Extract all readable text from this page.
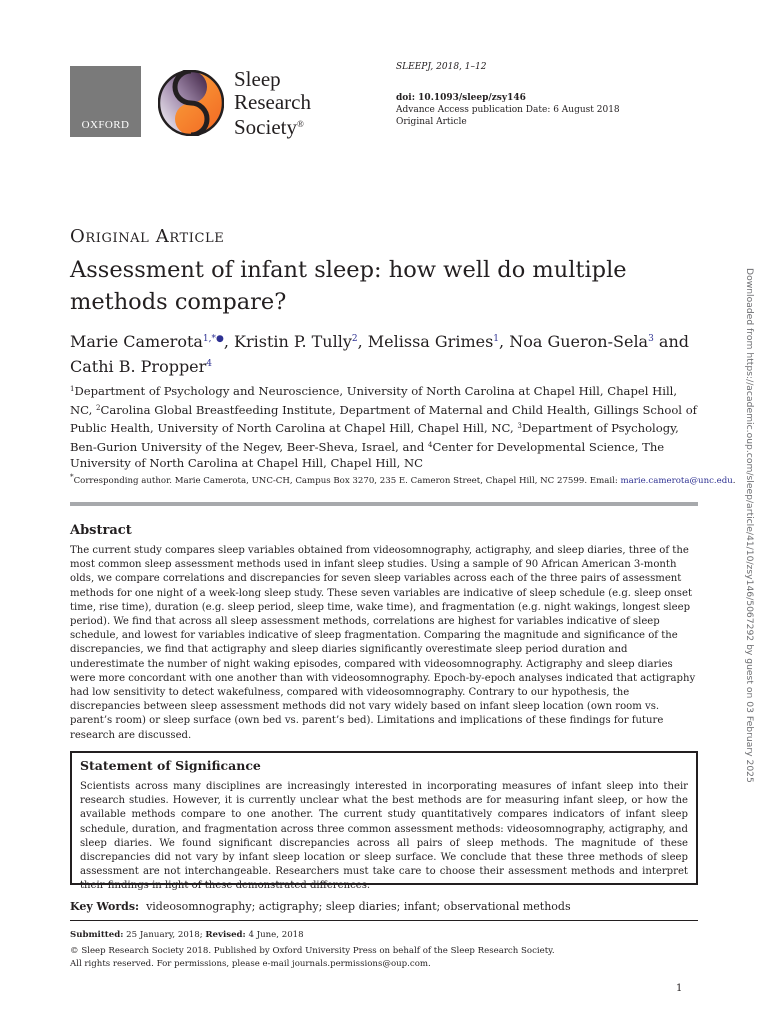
OXFORD
Sleep
Research
Society®
SLEEPJ, 2018, 1–12
doi: 10.1093/sleep/zsy146
Advance Access publication Date: 6 August 2018
Original Article
Original Article
Assessment of infant sleep: how well do multiple methods compare?
Marie Camerota$^{1,*●}$, Kristin P. Tully$^2$, Melissa Grimes$^1$, Noa Gueron-Sela$^3$ and Cathi B. Propper$^4$
$^1$Department of Psychology and Neuroscience, University of North Carolina at Chapel Hill, Chapel Hill, NC, $^2$Carolina Global Breastfeeding Institute, Department of Maternal and Child Health, Gillings School of Public Health, University of North Carolina at Chapel Hill, Chapel Hill, NC, $^3$Department of Psychology, Ben-Gurion University of the Negev, Beer-Sheva, Israel, and $^4$Center for Developmental Science, The University of North Carolina at Chapel Hill, Chapel Hill, NC
*Corresponding author. Marie Camerota, UNC-CH, Campus Box 3270, 235 E. Cameron Street, Chapel Hill, NC 27599. Email: marie.camerota@unc.edu.
Abstract
The current study compares sleep variables obtained from videosomnography, actigraphy, and sleep diaries, three of the most common sleep assessment methods used in infant sleep studies. Using a sample of 90 African American 3-month olds, we compare correlations and discrepancies for seven sleep variables across each of the three pairs of assessment methods for one night of a week-long sleep study. These seven variables are indicative of sleep schedule (e.g. sleep onset time, rise time), duration (e.g. sleep period, sleep time, wake time), and fragmentation (e.g. night wakings, longest sleep period). We find that across all sleep assessment methods, correlations are highest for variables indicative of sleep schedule, and lowest for variables indicative of sleep fragmentation. Comparing the magnitude and significance of the discrepancies, we find that actigraphy and sleep diaries significantly overestimate sleep period duration and underestimate the number of night waking episodes, compared with videosomnography. Actigraphy and sleep diaries were more concordant with one another than with videosomnography. Epoch-by-epoch analyses indicated that actigraphy had low sensitivity to detect wakefulness, compared with videosomnography. Contrary to our hypothesis, the discrepancies between sleep assessment methods did not vary widely based on infant sleep location (own room vs. parent’s room) or sleep surface (own bed vs. parent’s bed). Limitations and implications of these findings for future research are discussed.
Statement of Significance
Scientists across many disciplines are increasingly interested in incorporating measures of infant sleep into their research studies. However, it is currently unclear what the best methods are for measuring infant sleep, or how the available methods compare to one another. The current study quantitatively compares indicators of infant sleep schedule, duration, and fragmentation across three common assessment methods: videosomnography, actigraphy, and sleep diaries. We found significant discrepancies across all pairs of sleep methods. The magnitude of these discrepancies did not vary by infant sleep location or sleep surface. We conclude that these three methods of sleep assessment are not interchangeable. Researchers must take care to choose their assessment methods and interpret their findings in light of these demonstrated differences.
Key Words: videosomnography; actigraphy; sleep diaries; infant; observational methods
Submitted: 25 January, 2018; Revised: 4 June, 2018
© Sleep Research Society 2018. Published by Oxford University Press on behalf of the Sleep Research Society.
All rights reserved. For permissions, please e-mail journals.permissions@oup.com.
1
Downloaded from https://academic.oup.com/sleep/article/41/10/zsy146/5067292 by guest on 03 February 2025
